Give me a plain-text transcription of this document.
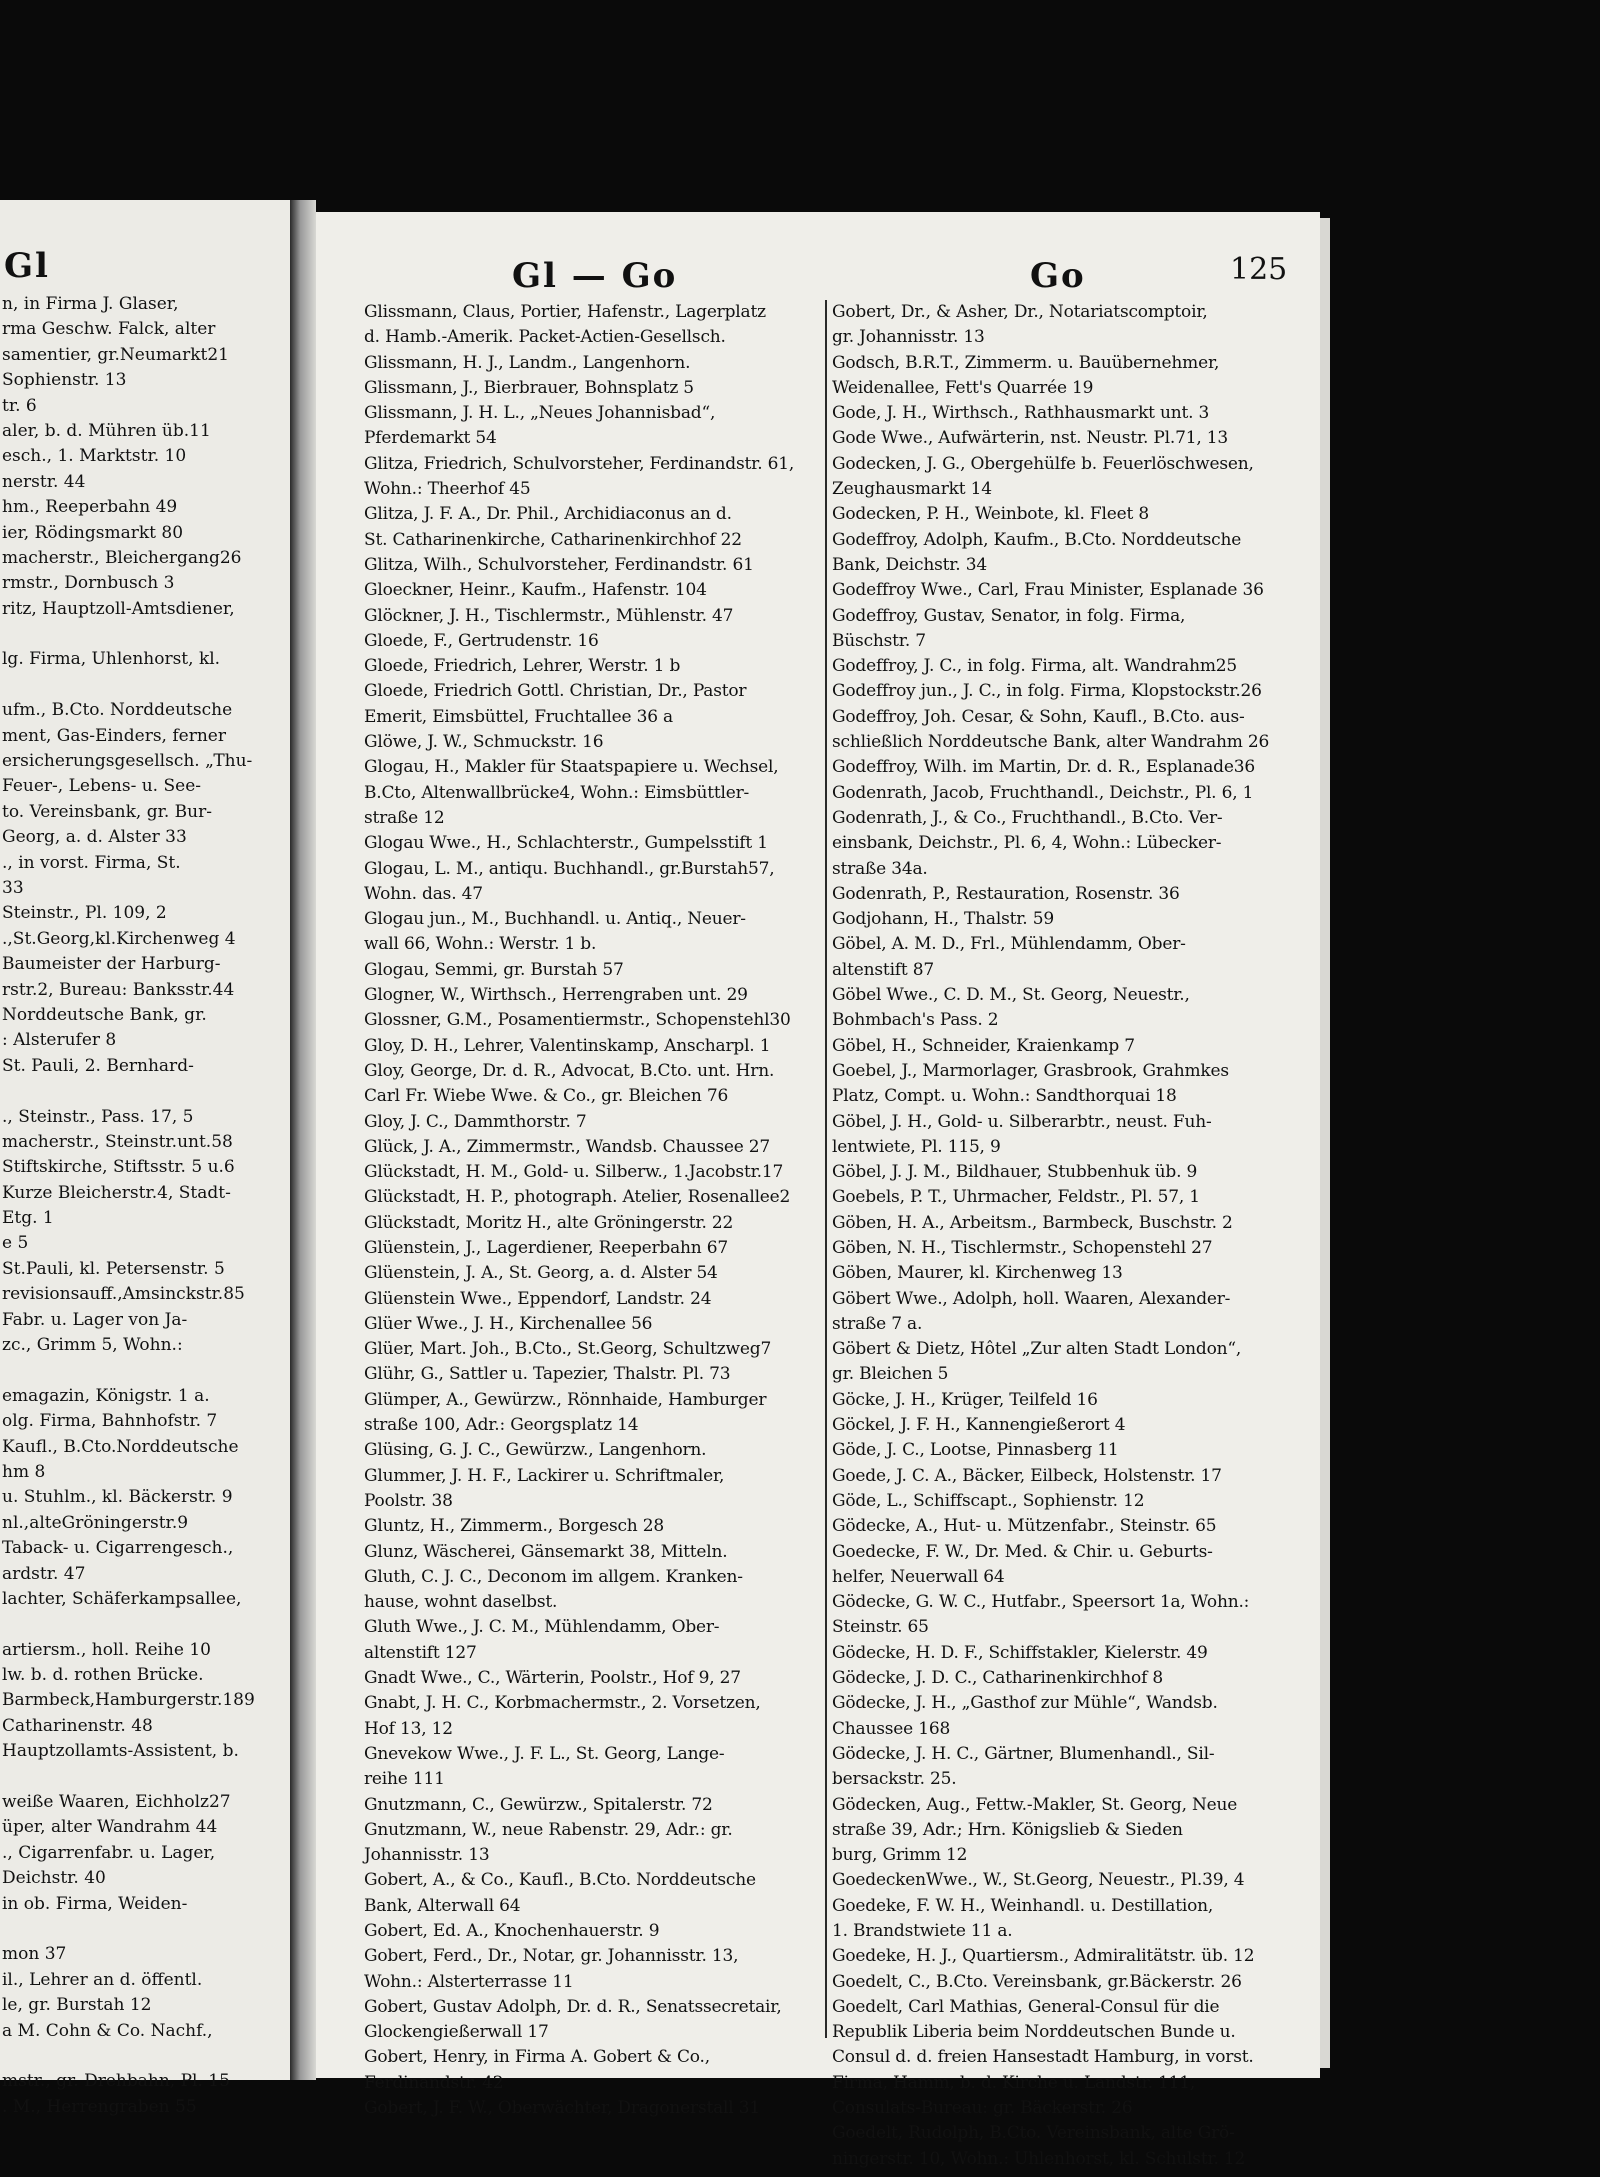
Gl
n, in Firma J. Glaser,
rma Geschw. Falck, alter
samentier, gr.Neumarkt21
Sophienstr. 13
tr. 6
aler, b. d. Mühren üb.11
esch., 1. Marktstr. 10
nerstr. 44
hm., Reeperbahn 49
ier, Rödingsmarkt 80
macherstr., Bleichergang26
rmstr., Dornbusch 3
ritz, Hauptzoll-Amtsdiener,
lg. Firma, Uhlenhorst, kl.
ufm., B.Cto. Norddeutsche
ment, Gas-Einders, ferner
ersicherungsgesellsch. „Thu-
Feuer-, Lebens- u. See-
to. Vereinsbank, gr. Bur-
Georg, a. d. Alster 33
., in vorst. Firma, St.
33
Steinstr., Pl. 109, 2
.,St.Georg,kl.Kirchenweg 4
Baumeister der Harburg-
rstr.2, Bureau: Banksstr.44
Norddeutsche Bank, gr.
: Alsterufer 8
St. Pauli, 2. Bernhard-
., Steinstr., Pass. 17, 5
macherstr., Steinstr.unt.58
Stiftskirche, Stiftsstr. 5 u.6
Kurze Bleicherstr.4, Stadt-
Etg. 1
e 5
St.Pauli, kl. Petersenstr. 5
revisionsauff.,Amsinckstr.85
Fabr. u. Lager von Ja-
zc., Grimm 5, Wohn.:
emagazin, Königstr. 1 a.
olg. Firma, Bahnhofstr. 7
Kaufl., B.Cto.Norddeutsche
hm 8
u. Stuhlm., kl. Bäckerstr. 9
nl.,alteGröningerstr.9
Taback- u. Cigarrengesch.,
ardstr. 47
lachter, Schäferkampsallee,
artiersm., holl. Reihe 10
lw. b. d. rothen Brücke.
Barmbeck,Hamburgerstr.189
Catharinenstr. 48
Hauptzollamts-Assistent, b.
weiße Waaren, Eichholz27
üper, alter Wandrahm 44
., Cigarrenfabr. u. Lager,
Deichstr. 40
in ob. Firma, Weiden-
mon 37
il., Lehrer an d. öffentl.
le, gr. Burstah 12
a M. Cohn & Co. Nachf.,
mstr., gr. Drehbahn, Pl. 15
. M., Herrengraben 55
Gl — Go	Go	125
Glissmann, Claus, Portier, Hafenstr., Lagerplatz
d. Hamb.-Amerik. Packet-Actien-Gesellsch.
Glissmann, H. J., Landm., Langenhorn.
Glissmann, J., Bierbrauer, Bohnsplatz 5
Glissmann, J. H. L., „Neues Johannisbad“,
Pferdemarkt 54
Glitza, Friedrich, Schulvorsteher, Ferdinandstr. 61,
Wohn.: Theerhof 45
Glitza, J. F. A., Dr. Phil., Archidiaconus an d.
St. Catharinenkirche, Catharinenkirchhof 22
Glitza, Wilh., Schulvorsteher, Ferdinandstr. 61
Gloeckner, Heinr., Kaufm., Hafenstr. 104
Glöckner, J. H., Tischlermstr., Mühlenstr. 47
Gloede, F., Gertrudenstr. 16
Gloede, Friedrich, Lehrer, Werstr. 1 b
Gloede, Friedrich Gottl. Christian, Dr., Pastor
Emerit, Eimsbüttel, Fruchtallee 36 a
Glöwe, J. W., Schmuckstr. 16
Glogau, H., Makler für Staatspapiere u. Wechsel,
B.Cto, Altenwallbrücke4, Wohn.: Eimsbüttler-
straße 12
Glogau Wwe., H., Schlachterstr., Gumpelsstift 1
Glogau, L. M., antiqu. Buchhandl., gr.Burstah57,
Wohn. das. 47
Glogau jun., M., Buchhandl. u. Antiq., Neuer-
wall 66, Wohn.: Werstr. 1 b.
Glogau, Semmi, gr. Burstah 57
Glogner, W., Wirthsch., Herrengraben unt. 29
Glossner, G.M., Posamentiermstr., Schopenstehl30
Gloy, D. H., Lehrer, Valentinskamp, Anscharpl. 1
Gloy, George, Dr. d. R., Advocat, B.Cto. unt. Hrn.
Carl Fr. Wiebe Wwe. & Co., gr. Bleichen 76
Gloy, J. C., Dammthorstr. 7
Glück, J. A., Zimmermstr., Wandsb. Chaussee 27
Glückstadt, H. M., Gold- u. Silberw., 1.Jacobstr.17
Glückstadt, H. P., photograph. Atelier, Rosenallee2
Glückstadt, Moritz H., alte Gröningerstr. 22
Glüenstein, J., Lagerdiener, Reeperbahn 67
Glüenstein, J. A., St. Georg, a. d. Alster 54
Glüenstein Wwe., Eppendorf, Landstr. 24
Glüer Wwe., J. H., Kirchenallee 56
Glüer, Mart. Joh., B.Cto., St.Georg, Schultzweg7
Glühr, G., Sattler u. Tapezier, Thalstr. Pl. 73
Glümper, A., Gewürzw., Rönnhaide, Hamburger
straße 100, Adr.: Georgsplatz 14
Glüsing, G. J. C., Gewürzw., Langenhorn.
Glummer, J. H. F., Lackirer u. Schriftmaler,
Poolstr. 38
Gluntz, H., Zimmerm., Borgesch 28
Glunz, Wäscherei, Gänsemarkt 38, Mitteln.
Gluth, C. J. C., Deconom im allgem. Kranken-
hause, wohnt daselbst.
Gluth Wwe., J. C. M., Mühlendamm, Ober-
altenstift 127
Gnadt Wwe., C., Wärterin, Poolstr., Hof 9, 27
Gnabt, J. H. C., Korbmachermstr., 2. Vorsetzen,
Hof 13, 12
Gnevekow Wwe., J. F. L., St. Georg, Lange-
reihe 111
Gnutzmann, C., Gewürzw., Spitalerstr. 72
Gnutzmann, W., neue Rabenstr. 29, Adr.: gr.
Johannisstr. 13
Gobert, A., & Co., Kaufl., B.Cto. Norddeutsche
Bank, Alterwall 64
Gobert, Ed. A., Knochenhauerstr. 9
Gobert, Ferd., Dr., Notar, gr. Johannisstr. 13,
Wohn.: Alsterterrasse 11
Gobert, Gustav Adolph, Dr. d. R., Senatssecretair,
Glockengießerwall 17
Gobert, Henry, in Firma A. Gobert & Co.,
Ferdinandstr. 42
Gobert, J. F. W., Oberwächter, Dragonerstall 31
Gobert, Dr., & Asher, Dr., Notariatscomptoir,
gr. Johannisstr. 13
Godsch, B.R.T., Zimmerm. u. Bauübernehmer,
Weidenallee, Fett's Quarrée 19
Gode, J. H., Wirthsch., Rathhausmarkt unt. 3
Gode Wwe., Aufwärterin, nst. Neustr. Pl.71, 13
Godecken, J. G., Obergehülfe b. Feuerlöschwesen,
Zeughausmarkt 14
Godecken, P. H., Weinbote, kl. Fleet 8
Godeffroy, Adolph, Kaufm., B.Cto. Norddeutsche
Bank, Deichstr. 34
Godeffroy Wwe., Carl, Frau Minister, Esplanade 36
Godeffroy, Gustav, Senator, in folg. Firma,
Büschstr. 7
Godeffroy, J. C., in folg. Firma, alt. Wandrahm25
Godeffroy jun., J. C., in folg. Firma, Klopstockstr.26
Godeffroy, Joh. Cesar, & Sohn, Kaufl., B.Cto. aus-
schließlich Norddeutsche Bank, alter Wandrahm 26
Godeffroy, Wilh. im Martin, Dr. d. R., Esplanade36
Godenrath, Jacob, Fruchthandl., Deichstr., Pl. 6, 1
Godenrath, J., & Co., Fruchthandl., B.Cto. Ver-
einsbank, Deichstr., Pl. 6, 4, Wohn.: Lübecker-
straße 34a.
Godenrath, P., Restauration, Rosenstr. 36
Godjohann, H., Thalstr. 59
Göbel, A. M. D., Frl., Mühlendamm, Ober-
altenstift 87
Göbel Wwe., C. D. M., St. Georg, Neuestr.,
Bohmbach's Pass. 2
Göbel, H., Schneider, Kraienkamp 7
Goebel, J., Marmorlager, Grasbrook, Grahmkes
Platz, Compt. u. Wohn.: Sandthorquai 18
Göbel, J. H., Gold- u. Silberarbtr., neust. Fuh-
lentwiete, Pl. 115, 9
Göbel, J. J. M., Bildhauer, Stubbenhuk üb. 9
Goebels, P. T., Uhrmacher, Feldstr., Pl. 57, 1
Göben, H. A., Arbeitsm., Barmbeck, Buschstr. 2
Göben, N. H., Tischlermstr., Schopenstehl 27
Göben, Maurer, kl. Kirchenweg 13
Göbert Wwe., Adolph, holl. Waaren, Alexander-
straße 7 a.
Göbert & Dietz, Hôtel „Zur alten Stadt London“,
gr. Bleichen 5
Göcke, J. H., Krüger, Teilfeld 16
Göckel, J. F. H., Kannengießerort 4
Göde, J. C., Lootse, Pinnasberg 11
Goede, J. C. A., Bäcker, Eilbeck, Holstenstr. 17
Göde, L., Schiffscapt., Sophienstr. 12
Gödecke, A., Hut- u. Mützenfabr., Steinstr. 65
Goedecke, F. W., Dr. Med. & Chir. u. Geburts-
helfer, Neuerwall 64
Gödecke, G. W. C., Hutfabr., Speersort 1a, Wohn.:
Steinstr. 65
Gödecke, H. D. F., Schiffstakler, Kielerstr. 49
Gödecke, J. D. C., Catharinenkirchhof 8
Gödecke, J. H., „Gasthof zur Mühle“, Wandsb.
Chaussee 168
Gödecke, J. H. C., Gärtner, Blumenhandl., Sil-
bersackstr. 25.
Gödecken, Aug., Fettw.-Makler, St. Georg, Neue
straße 39, Adr.; Hrn. Königslieb & Sieden
burg, Grimm 12
GoedeckenWwe., W., St.Georg, Neuestr., Pl.39, 4
Goedeke, F. W. H., Weinhandl. u. Destillation,
1. Brandstwiete 11 a.
Goedeke, H. J., Quartiersm., Admiralitätstr. üb. 12
Goedelt, C., B.Cto. Vereinsbank, gr.Bäckerstr. 26
Goedelt, Carl Mathias, General-Consul für die
Republik Liberia beim Norddeutschen Bunde u.
Consul d. d. freien Hansestadt Hamburg, in vorst.
Firma, Hamm, b. d. Kirche u. Landstr. 111,
Consulats-Bureau: gr. Bäckerstr. 26
Goedelt, Rudolph, B.Cto. Vereinsbank, alte Grö-
ningerstr. 10, Wohn.: Uhlenhorst, kl. Schulstr. 12
